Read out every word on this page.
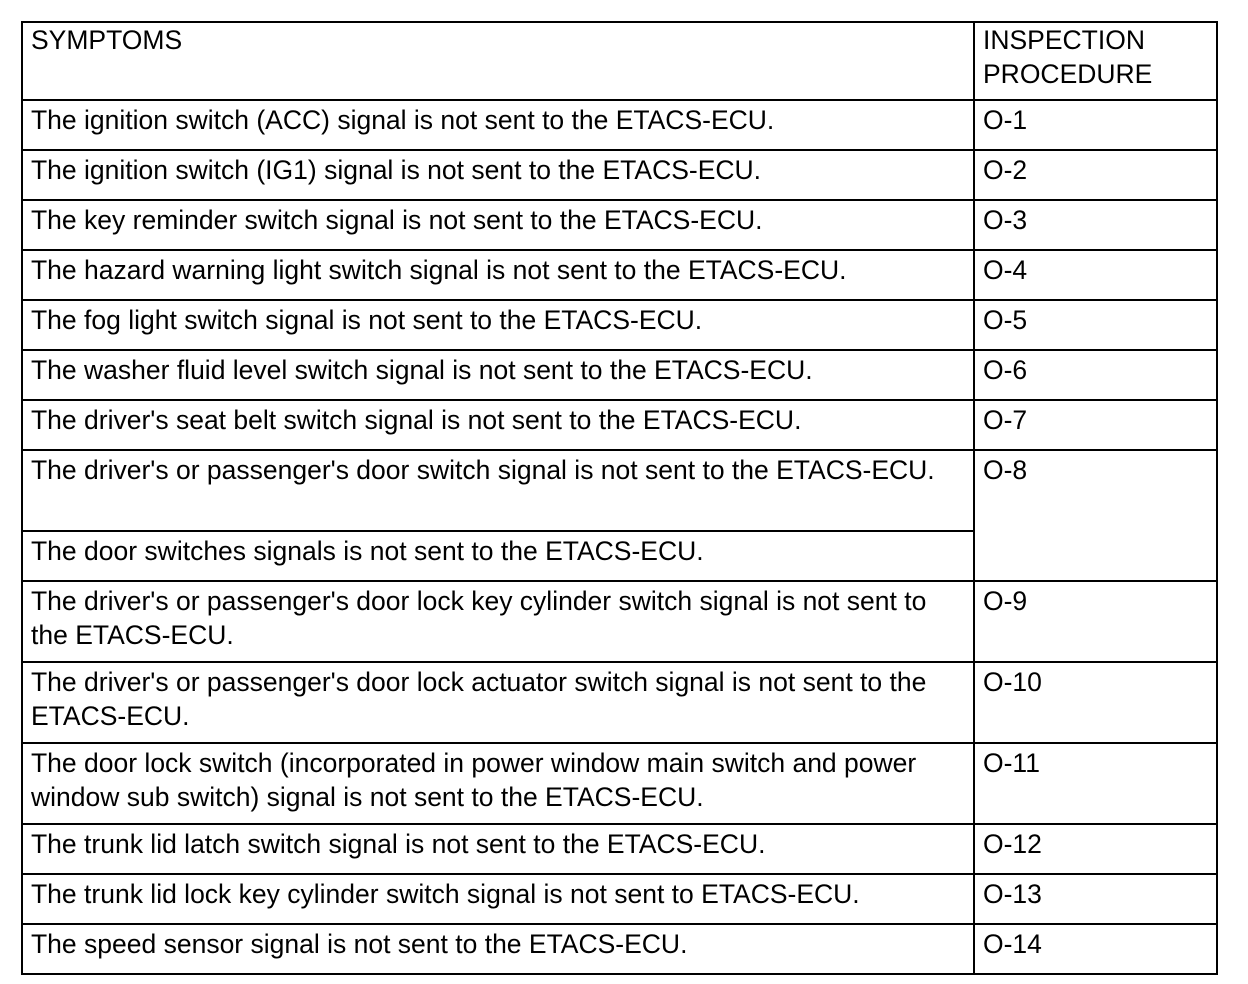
SYMPTOMS	INSPECTION PROCEDURE
The ignition switch (ACC) signal is not sent to the ETACS-ECU.	O-1
The ignition switch (IG1) signal is not sent to the ETACS-ECU.	O-2
The key reminder switch signal is not sent to the ETACS-ECU.	O-3
The hazard warning light switch signal is not sent to the ETACS-ECU.	O-4
The fog light switch signal is not sent to the ETACS-ECU.	O-5
The washer fluid level switch signal is not sent to the ETACS-ECU.	O-6
The driver's seat belt switch signal is not sent to the ETACS-ECU.	O-7
The driver's or passenger's door switch signal is not sent to the ETACS-ECU.	O-8
The door switches signals is not sent to the ETACS-ECU.	
The driver's or passenger's door lock key cylinder switch signal is not sent to the ETACS-ECU.	O-9
The driver's or passenger's door lock actuator switch signal is not sent to the ETACS-ECU.	O-10
The door lock switch (incorporated in power window main switch and power window sub switch) signal is not sent to the ETACS-ECU.	O-11
The trunk lid latch switch signal is not sent to the ETACS-ECU.	O-12
The trunk lid lock key cylinder switch signal is not sent to ETACS-ECU.	O-13
The speed sensor signal is not sent to the ETACS-ECU.	O-14
